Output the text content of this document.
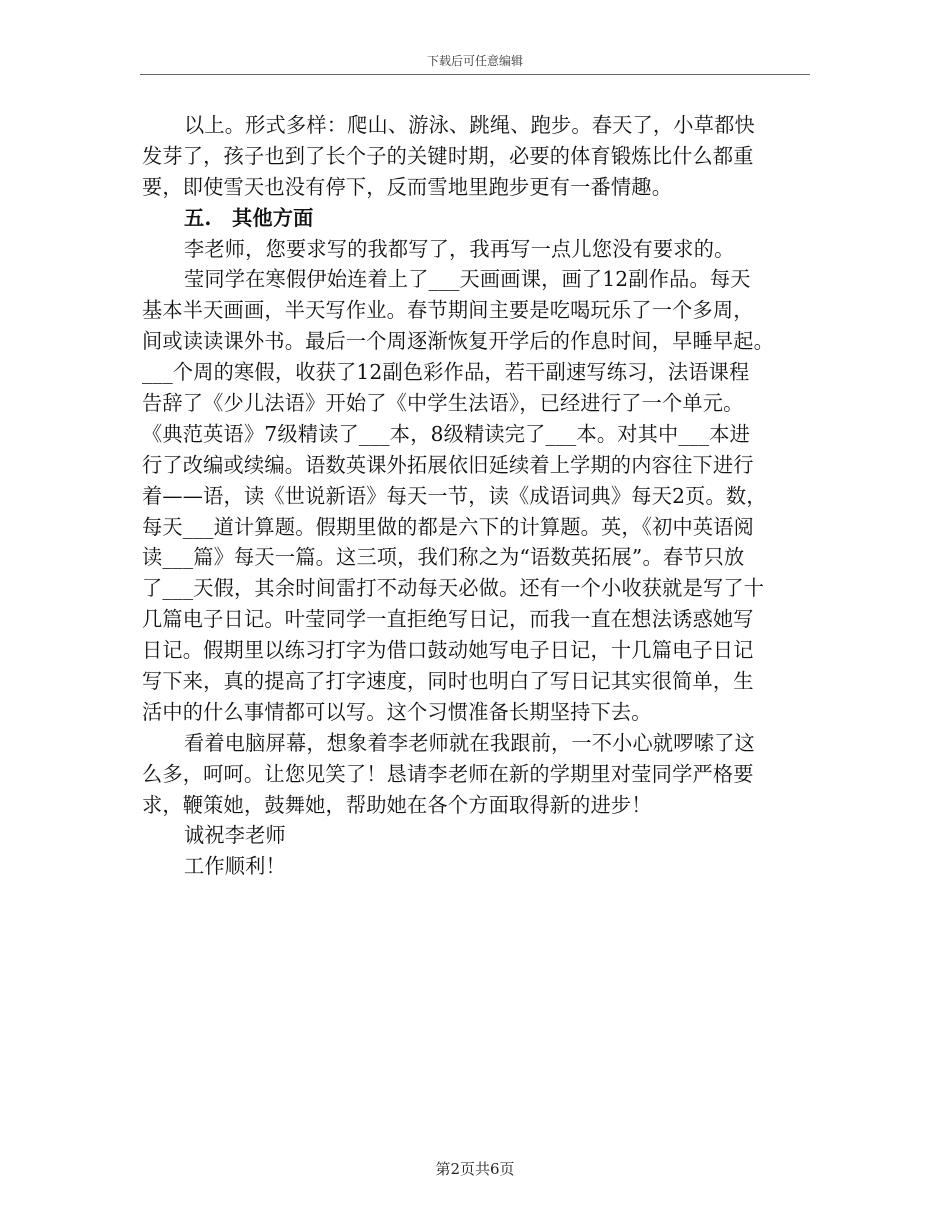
下载后可任意编辑
以上。形式多样：爬山、游泳、跳绳、跑步。春天了，小草都快
发芽了，孩子也到了长个子的关键时期，必要的体育锻炼比什么都重
要，即使雪天也没有停下，反而雪地里跑步更有一番情趣。
五.　其他方面
李老师，您要求写的我都写了，我再写一点儿您没有要求的。
莹同学在寒假伊始连着上了___天画画课，画了12副作品。每天
基本半天画画，半天写作业。春节期间主要是吃喝玩乐了一个多周，
间或读读课外书。最后一个周逐渐恢复开学后的作息时间，早睡早起。
___个周的寒假，收获了12副色彩作品，若干副速写练习，法语课程
告辞了《少儿法语》开始了《中学生法语》，已经进行了一个单元。
《典范英语》7级精读了___本，8级精读完了___本。对其中___本进
行了改编或续编。语数英课外拓展依旧延续着上学期的内容往下进行
着——语，读《世说新语》每天一节，读《成语词典》每天2页。数，
每天___道计算题。假期里做的都是六下的计算题。英，《初中英语阅
读___篇》每天一篇。这三项，我们称之为“语数英拓展”。春节只放
了___天假，其余时间雷打不动每天必做。还有一个小收获就是写了十
几篇电子日记。叶莹同学一直拒绝写日记，而我一直在想法诱惑她写
日记。假期里以练习打字为借口鼓动她写电子日记，十几篇电子日记
写下来，真的提高了打字速度，同时也明白了写日记其实很简单，生
活中的什么事情都可以写。这个习惯准备长期坚持下去。
看着电脑屏幕，想象着李老师就在我跟前，一不小心就啰嗦了这
么多，呵呵。让您见笑了！恳请李老师在新的学期里对莹同学严格要
求，鞭策她，鼓舞她，帮助她在各个方面取得新的进步！
诚祝李老师
工作顺利！
第2页共6页
